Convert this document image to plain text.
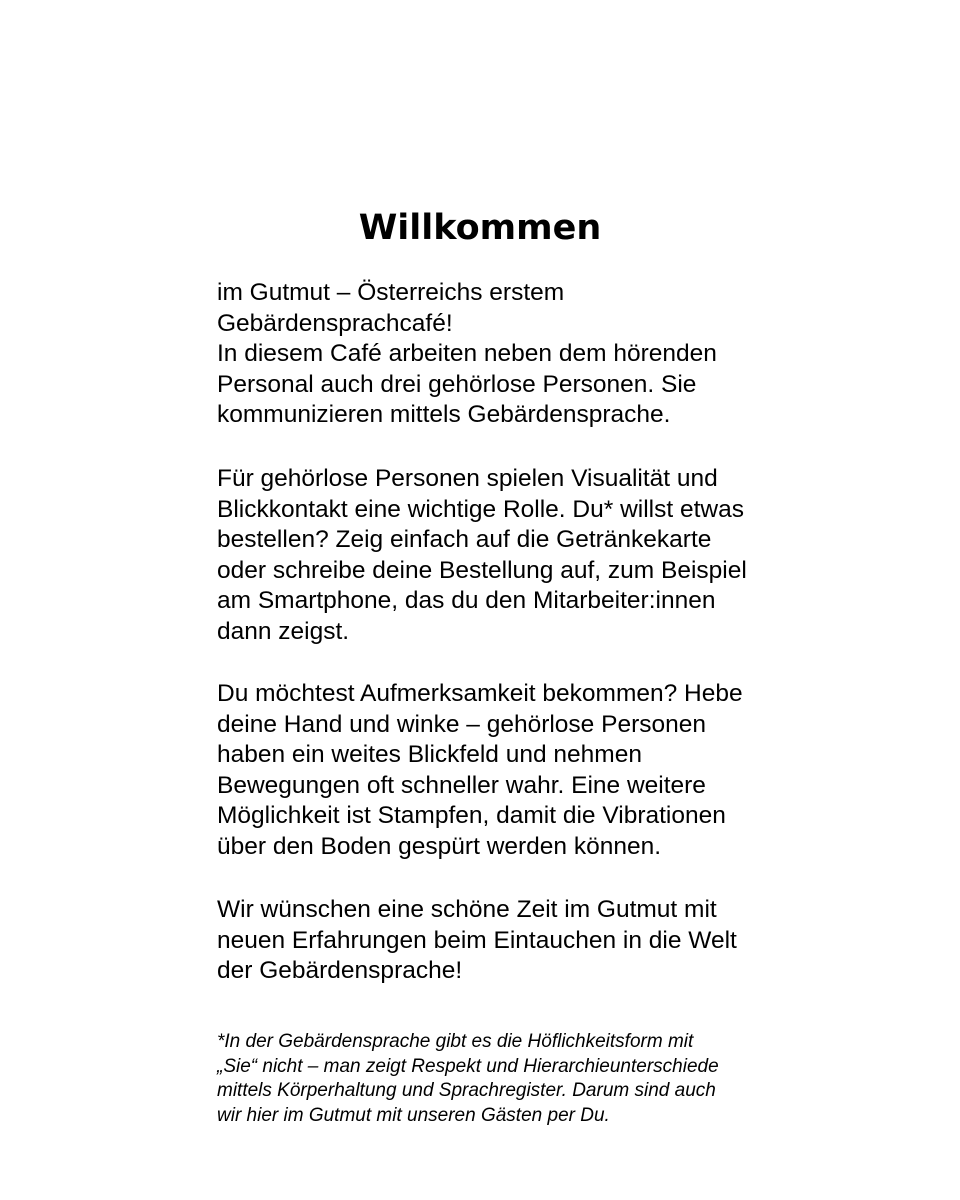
Willkommen
im Gutmut – Österreichs erstem
Gebärdensprachcafé!
In diesem Café arbeiten neben dem hörenden
Personal auch drei gehörlose Personen. Sie
kommunizieren mittels Gebärdensprache.
Für gehörlose Personen spielen Visualität und
Blickkontakt eine wichtige Rolle. Du* willst etwas
bestellen? Zeig einfach auf die Getränkekarte
oder schreibe deine Bestellung auf, zum Beispiel
am Smartphone, das du den Mitarbeiter:innen
dann zeigst.
Du möchtest Aufmerksamkeit bekommen? Hebe
deine Hand und winke – gehörlose Personen
haben ein weites Blickfeld und nehmen
Bewegungen oft schneller wahr. Eine weitere
Möglichkeit ist Stampfen, damit die Vibrationen
über den Boden gespürt werden können.
Wir wünschen eine schöne Zeit im Gutmut mit
neuen Erfahrungen beim Eintauchen in die Welt
der Gebärdensprache!
*In der Gebärdensprache gibt es die Höflichkeitsform mit
„Sie“ nicht – man zeigt Respekt und Hierarchieunterschiede
mittels Körperhaltung und Sprachregister. Darum sind auch
wir hier im Gutmut mit unseren Gästen per Du.
